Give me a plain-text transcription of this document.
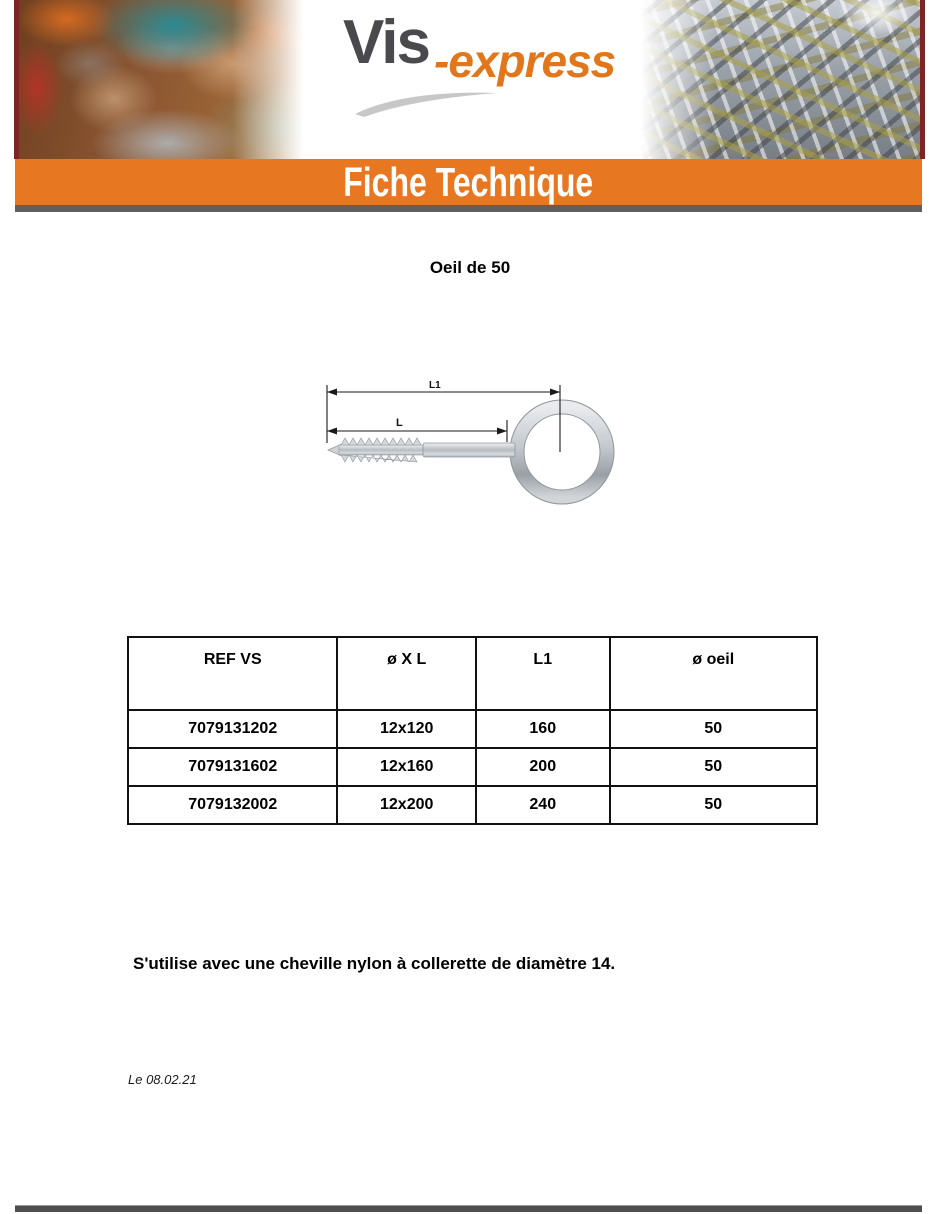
Vis -express
Fiche Technique
Oeil de 50
L1
L
REF VS	ø X L	L1	ø oeil
7079131202	12x120	160	50
7079131602	12x160	200	50
7079132002	12x200	240	50
S'utilise avec une cheville nylon à collerette de diamètre 14.
Le 08.02.21
